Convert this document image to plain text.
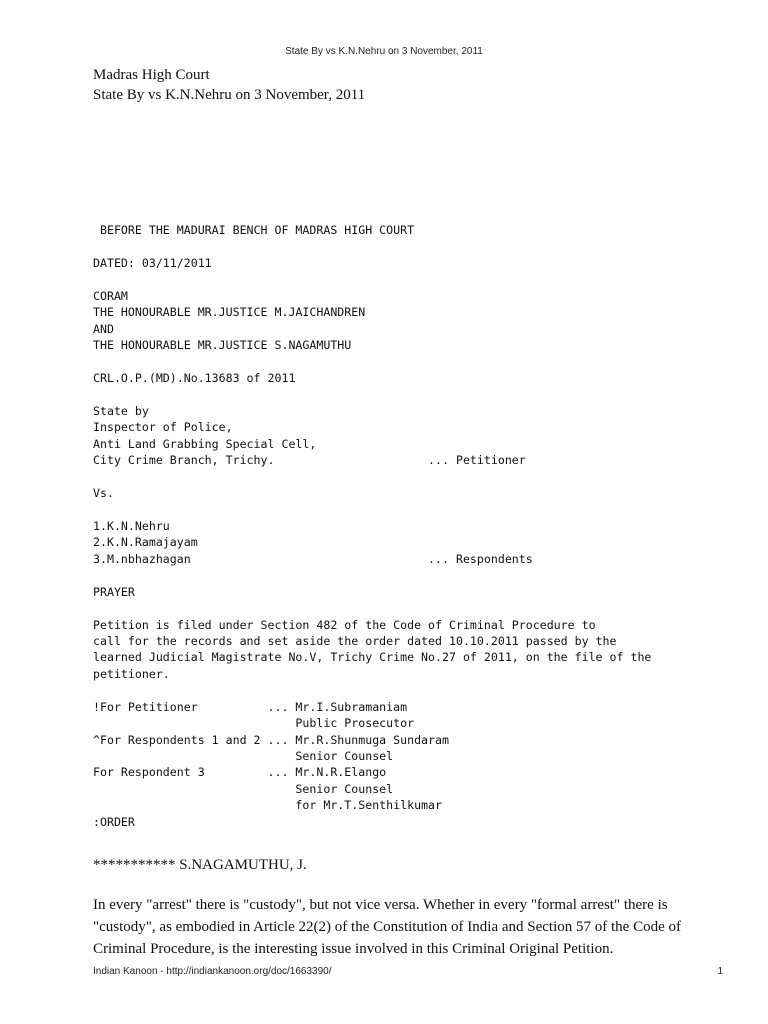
State By vs K.N.Nehru on 3 November, 2011
Madras High Court
State By vs K.N.Nehru on 3 November, 2011
BEFORE THE MADURAI BENCH OF MADRAS HIGH COURT
DATED: 03/11/2011
CORAM
THE HONOURABLE MR.JUSTICE M.JAICHANDREN
AND
THE HONOURABLE MR.JUSTICE S.NAGAMUTHU
CRL.O.P.(MD).No.13683 of 2011
State by
Inspector of Police,
Anti Land Grabbing Special Cell,
City Crime Branch, Trichy.                      ... Petitioner
Vs.
1.K.N.Nehru
2.K.N.Ramajayam
3.M.nbhazhagan                                  ... Respondents
PRAYER
Petition is filed under Section 482 of the Code of Criminal Procedure to
call for the records and set aside the order dated 10.10.2011 passed by the
learned Judicial Magistrate No.V, Trichy Crime No.27 of 2011, on the file of the
petitioner.
!For Petitioner          ... Mr.I.Subramaniam
Public Prosecutor
^For Respondents 1 and 2 ... Mr.R.Shunmuga Sundaram
Senior Counsel
For Respondent 3         ... Mr.N.R.Elango
Senior Counsel
for Mr.T.Senthilkumar
:ORDER
*********** S.NAGAMUTHU, J.
In every "arrest" there is "custody", but not vice versa. Whether in every "formal arrest" there is
"custody", as embodied in Article 22(2) of the Constitution of India and Section 57 of the Code of
Criminal Procedure, is the interesting issue involved in this Criminal Original Petition.
Indian Kanoon - http://indiankanoon.org/doc/1663390/	1
